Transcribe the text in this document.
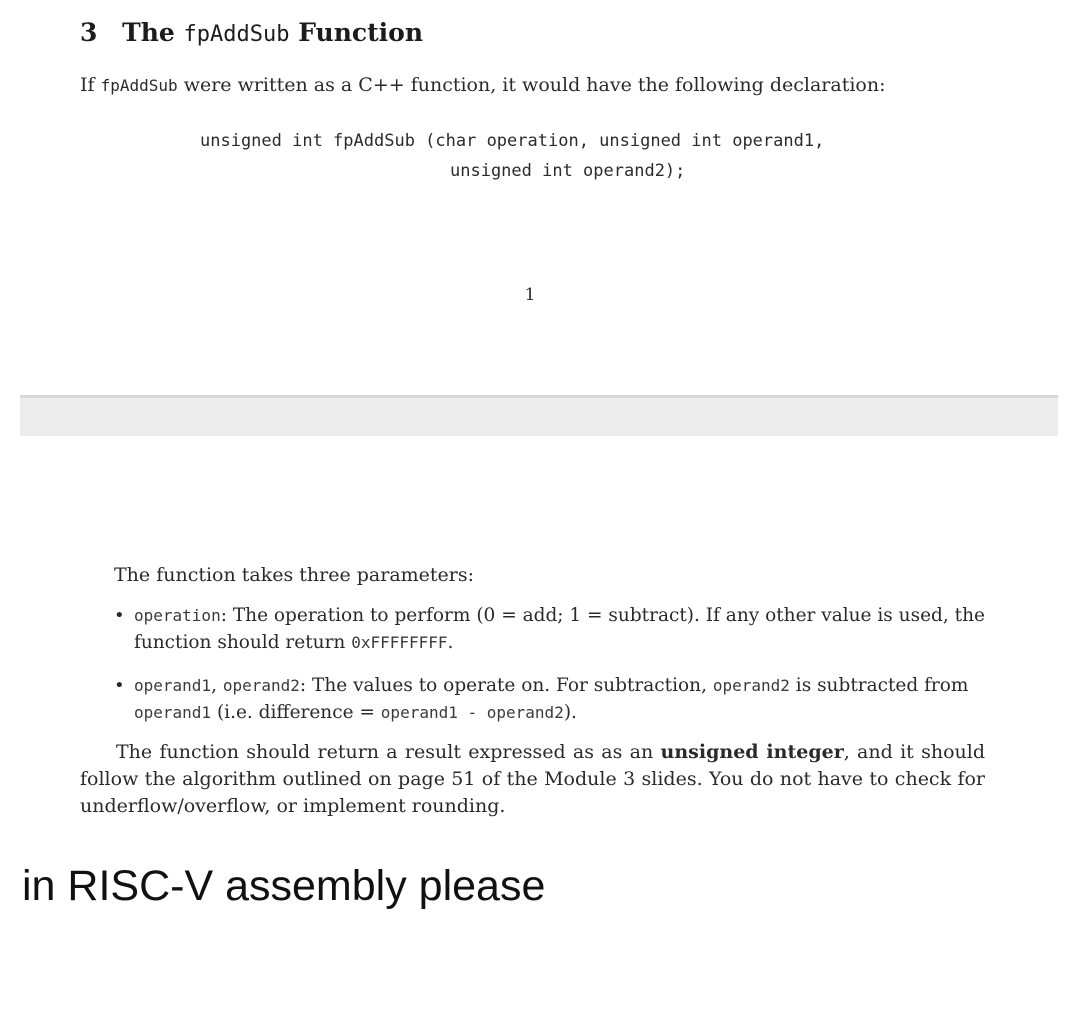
3 The fpAddSub Function
If fpAddSub were written as a C++ function, it would have the following declaration:
unsigned int fpAddSub (char operation, unsigned int operand1,
unsigned int operand2);
1
The function takes three parameters:
• operation: The operation to perform (0 = add; 1 = subtract). If any other value is used, the function should return 0xFFFFFFFF.
• operand1, operand2: The values to operate on. For subtraction, operand2 is subtracted from operand1 (i.e. difference = operand1 - operand2).
The function should return a result expressed as as an unsigned integer, and it should follow the algorithm outlined on page 51 of the Module 3 slides. You do not have to check for underflow/overflow, or implement rounding.
in RISC-V assembly please
